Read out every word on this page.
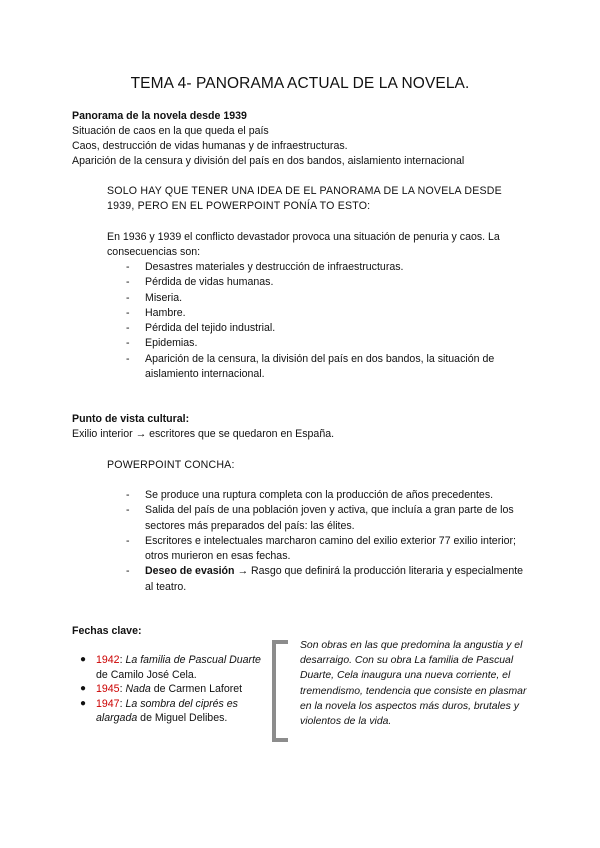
TEMA 4- PANORAMA ACTUAL DE LA NOVELA.
Panorama de la novela desde 1939
Situación de caos en la que queda el país
Caos, destrucción de vidas humanas y de infraestructuras.
Aparición de la censura y división del país en dos bandos, aislamiento internacional
SOLO HAY QUE TENER UNA IDEA DE EL PANORAMA DE LA NOVELA DESDE
1939, PERO EN EL POWERPOINT PONÍA TO ESTO:
En 1936 y 1939 el conflicto devastador provoca una situación de penuria y caos. La
consecuencias son:
- Desastres materiales y destrucción de infraestructuras.
- Pérdida de vidas humanas.
- Miseria.
- Hambre.
- Pérdida del tejido industrial.
- Epidemias.
- Aparición de la censura, la división del país en dos bandos, la situación de aislamiento internacional.
Punto de vista cultural:
Exilio interior → escritores que se quedaron en España.
POWERPOINT CONCHA:
- Se produce una ruptura completa con la producción de años precedentes.
- Salida del país de una población joven y activa, que incluía a gran parte de los sectores más preparados del país: las élites.
- Escritores e intelectuales marcharon camino del exilio exterior 77 exilio interior; otros murieron en esas fechas.
- Deseo de evasión → Rasgo que definirá la producción literaria y especialmente al teatro.
Fechas clave:
● 1942: La familia de Pascual Duarte de Camilo José Cela.
● 1945: Nada de Carmen Laforet
● 1947: La sombra del ciprés es alargada de Miguel Delibes.
Son obras en las que predomina la angustia y el desarraigo. Con su obra La familia de Pascual Duarte, Cela inaugura una nueva corriente, el tremendismo, tendencia que consiste en plasmar en la novela los aspectos más duros, brutales y violentos de la vida.
